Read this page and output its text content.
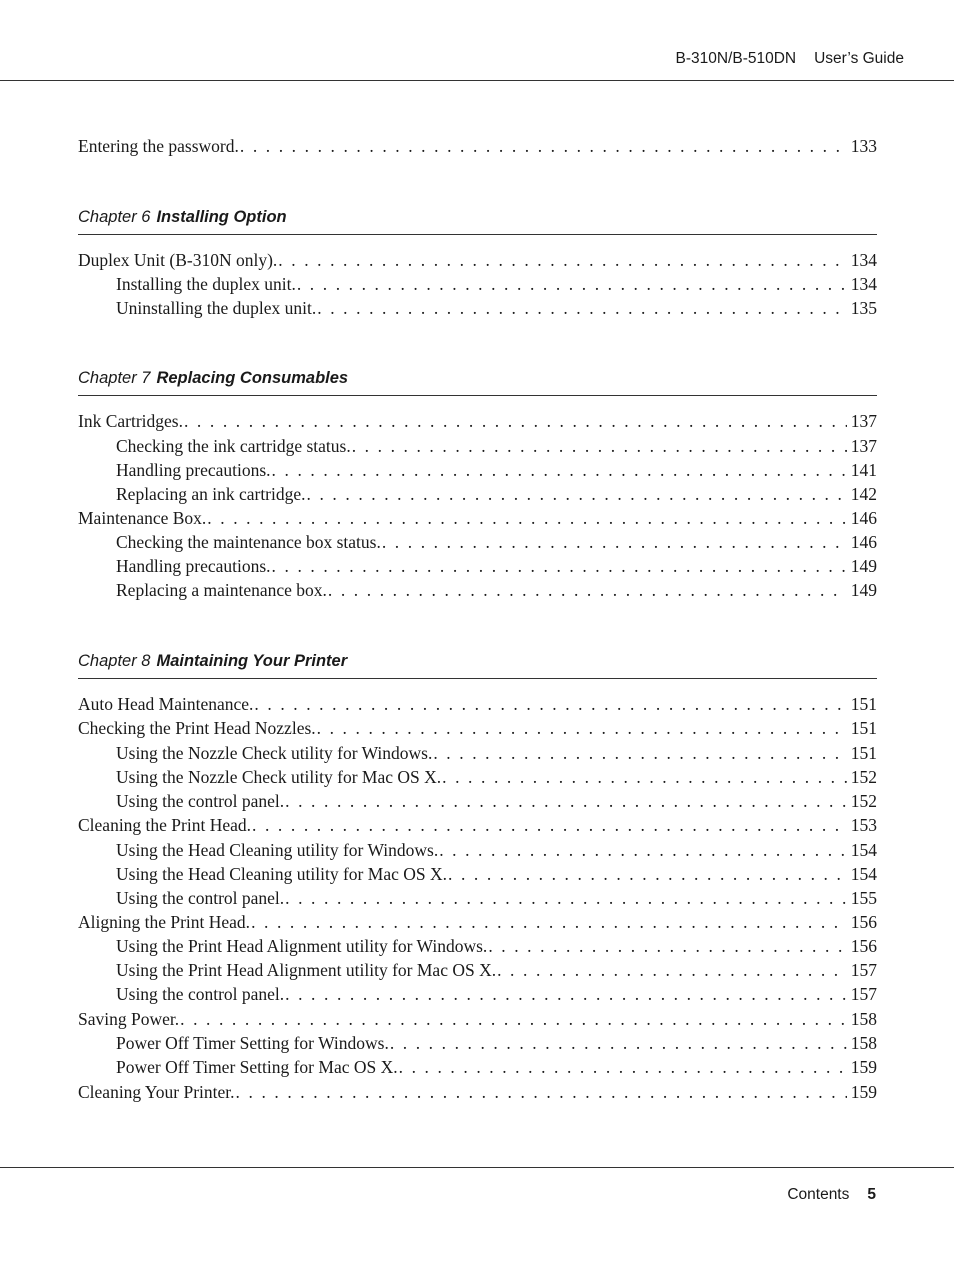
B-310N/B-510DN User’s Guide
Entering the password. . . .	133
Chapter 6 Installing Option
Duplex Unit (B-310N only). . . .	134
Installing the duplex unit. . . .	134
Uninstalling the duplex unit. . . .	135
Chapter 7 Replacing Consumables
Ink Cartridges. . . .	137
Checking the ink cartridge status. . . .	137
Handling precautions. . . .	141
Replacing an ink cartridge. . . .	142
Maintenance Box. . . .	146
Checking the maintenance box status. . . .	146
Handling precautions. . . .	149
Replacing a maintenance box. . . .	149
Chapter 8 Maintaining Your Printer
Auto Head Maintenance. . . .	151
Checking the Print Head Nozzles. . . .	151
Using the Nozzle Check utility for Windows. . . .	151
Using the Nozzle Check utility for Mac OS X. . . .	152
Using the control panel. . . .	152
Cleaning the Print Head. . . .	153
Using the Head Cleaning utility for Windows. . . .	154
Using the Head Cleaning utility for Mac OS X. . . .	154
Using the control panel. . . .	155
Aligning the Print Head. . . .	156
Using the Print Head Alignment utility for Windows. . . .	156
Using the Print Head Alignment utility for Mac OS X. . . .	157
Using the control panel. . . .	157
Saving Power. . . .	158
Power Off Timer Setting for Windows. . . .	158
Power Off Timer Setting for Mac OS X. . . .	159
Cleaning Your Printer. . . .	159
Contents 5
